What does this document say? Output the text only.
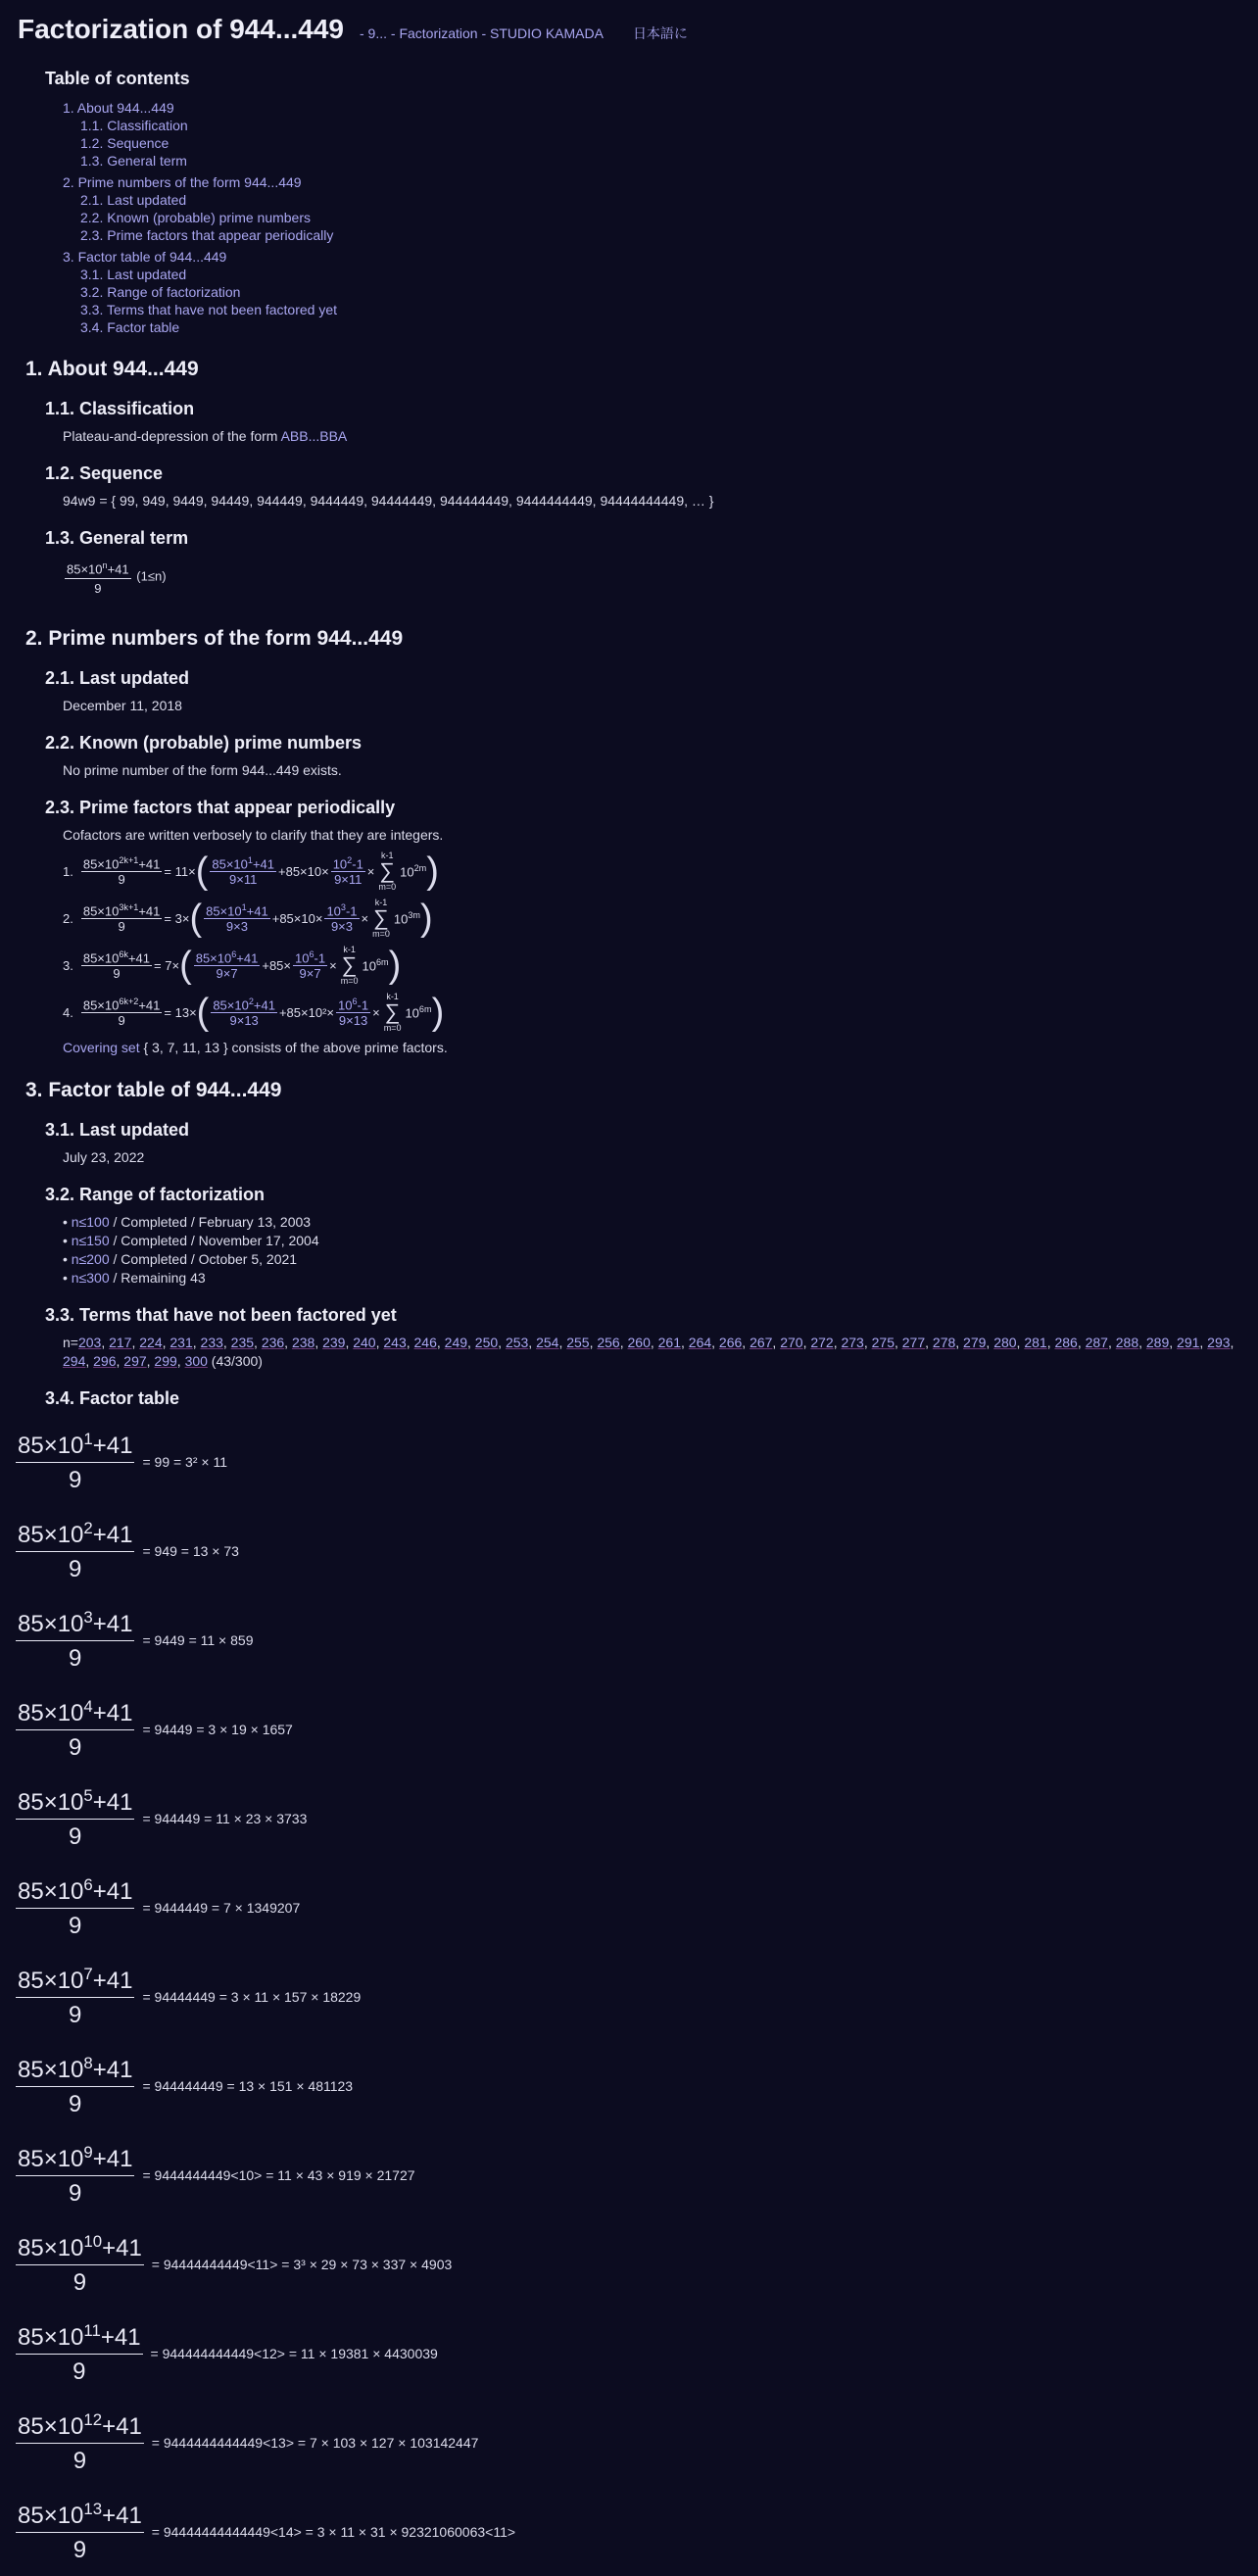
Factorization of 944...449 - 9... - Factorization - STUDIO KAMADA 日本語に
Table of contents
1. About 944...449
1.1. Classification
1.2. Sequence
1.3. General term
2. Prime numbers of the form 944...449
2.1. Last updated
2.2. Known (probable) prime numbers
2.3. Prime factors that appear periodically
3. Factor table of 944...449
3.1. Last updated
3.2. Range of factorization
3.3. Terms that have not been factored yet
3.4. Factor table
1. About 944...449
1.1. Classification
Plateau-and-depression of the form ABB...BBA
1.2. Sequence
94w9 = { 99, 949, 9449, 94449, 944449, 9444449, 94444449, 944444449, 9444444449, 94444444449, … }
1.3. General term
$\frac{85\times 10^n+41}{9} (1\le n)$
2. Prime numbers of the form 944...449
2.1. Last updated
December 11, 2018
2.2. Known (probable) prime numbers
No prime number of the form 944...449 exists.
2.3. Prime factors that appear periodically
Cofactors are written verbosely to clarify that they are integers.
1. $\frac{85\times 10^{2k+1}+41}{9} = 11\times$ ( $\frac{85\times 10^1+41}{9\times 11} +85\times 10\times \frac{10^2-1}{9\times 11}$ ×
k-1
∑
m=0
$10^{2m}$ )
2. $\frac{85\times 10^{3k+1}+41}{9} = 3\times$ ( $\frac{85\times 10^1+41}{9\times 3} +85\times 10\times \frac{10^3-1}{9\times 3}$ ×
k-1
∑
m=0
$10^{3m}$ )
3. $\frac{85\times 10^{6k}+41}{9} = 7\times$ ( $\frac{85\times 10^6+41}{9\times 7} +85\times \frac{10^6-1}{9\times 7}$ ×
k-1
∑
m=0
$10^{6m}$ )
4. $\frac{85\times 10^{6k+2}+41}{9} = 13\times$ ( $\frac{85\times 10^2+41}{9\times 13} +85\times 10^2\times \frac{10^6-1}{9\times 13}$ ×
k-1
∑
m=0
$10^{6m}$ )
Covering set { 3, 7, 11, 13 } consists of the above prime factors.
3. Factor table of 944...449
3.1. Last updated
July 23, 2022
3.2. Range of factorization
• n≤100 / Completed / February 13, 2003
• n≤150 / Completed / November 17, 2004
• n≤200 / Completed / October 5, 2021
• n≤300 / Remaining 43
3.3. Terms that have not been factored yet
n=203, 217, 224, 231, 233, 235, 236, 238, 239, 240, 243, 246, 249, 250, 253, 254, 255, 256, 260, 261, 264, 266, 267, 270, 272, 273, 275, 277, 278, 279, 280, 281, 286, 287, 288, 289, 291, 293, 294, 296, 297, 299, 300 (43/300)
3.4. Factor table
$\frac{85\times 10^1+41}{9} = 99 = 3^2 \times 11$
$\frac{85\times 10^2+41}{9} = 949 = 13 \times 73$
$\frac{85\times 10^3+41}{9} = 9449 = 11 \times 859$
$\frac{85\times 10^4+41}{9} = 94449 = 3 \times 19 \times 1657$
$\frac{85\times 10^5+41}{9} = 944449 = 11 \times 23 \times 3733$
$\frac{85\times 10^6+41}{9} = 9444449 = 7 \times 1349207$
$\frac{85\times 10^7+41}{9} = 94444449 = 3 \times 11 \times 157 \times 18229$
$\frac{85\times 10^8+41}{9} = 944444449 = 13 \times 151 \times 481123$
$\frac{85\times 10^9+41}{9} = 9444444449<10> = 11 \times 43 \times 919 \times 21727$
$\frac{85\times 10^{10}+41}{9} = 94444444449<11> = 3^3 \times 29 \times 73 \times 337 \times 4903$
$\frac{85\times 10^{11}+41}{9} = 944444444449<12> = 11 \times 19381 \times 4430039$
$\frac{85\times 10^{12}+41}{9} = 9444444444449<13> = 7 \times 103 \times 127 \times 103142447$
$\frac{85\times 10^{13}+41}{9} = 94444444444449<14> = 3 \times 11 \times 31 \times 92321060063<11>$
